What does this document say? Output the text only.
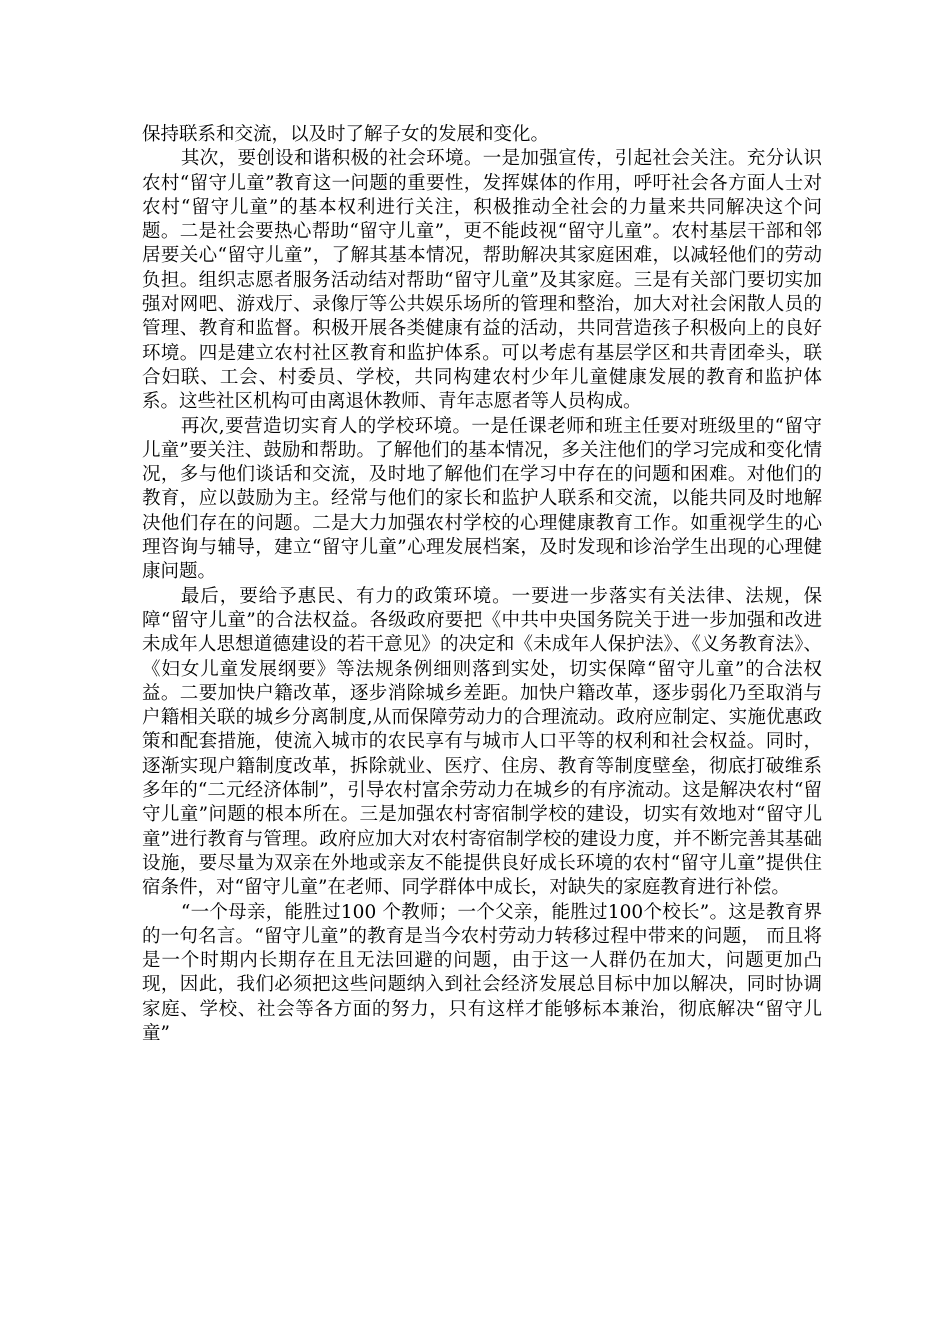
保持联系和交流，以及时了解子女的发展和变化。

其次，要创设和谐积极的社会环境。一是加强宣传，引起社会关注。充分认识农村“留守儿童”教育这一问题的重要性，发挥媒体的作用，呼吁社会各方面人士对农村“留守儿童”的基本权利进行关注，积极推动全社会的力量来共同解决这个问题。二是社会要热心帮助“留守儿童”，更不能歧视“留守儿童”。农村基层干部和邻居要关心“留守儿童”，了解其基本情况，帮助解决其家庭困难，以减轻他们的劳动负担。组织志愿者服务活动结对帮助“留守儿童”及其家庭。三是有关部门要切实加强对网吧、游戏厅、录像厅等公共娱乐场所的管理和整治，加大对社会闲散人员的管理、教育和监督。积极开展各类健康有益的活动，共同营造孩子积极向上的良好环境。四是建立农村社区教育和监护体系。可以考虑有基层学区和共青团牵头，联合妇联、工会、村委员、学校，共同构建农村少年儿童健康发展的教育和监护体系。这些社区机构可由离退休教师、青年志愿者等人员构成。

再次,要营造切实育人的学校环境。一是任课老师和班主任要对班级里的“留守儿童”要关注、鼓励和帮助。了解他们的基本情况，多关注他们的学习完成和变化情况，多与他们谈话和交流，及时地了解他们在学习中存在的问题和困难。对他们的教育，应以鼓励为主。经常与他们的家长和监护人联系和交流，以能共同及时地解决他们存在的问题。二是大力加强农村学校的心理健康教育工作。如重视学生的心理咨询与辅导，建立“留守儿童”心理发展档案，及时发现和诊治学生出现的心理健康问题。

最后，要给予惠民、有力的政策环境。一要进一步落实有关法律、法规，保障“留守儿童”的合法权益。各级政府要把《中共中央国务院关于进一步加强和改进未成年人思想道德建设的若干意见》的决定和《未成年人保护法》、《义务教育法》、《妇女儿童发展纲要》等法规条例细则落到实处，切实保障“留守儿童”的合法权益。二要加快户籍改革，逐步消除城乡差距。加快户籍改革，逐步弱化乃至取消与户籍相关联的城乡分离制度,从而保障劳动力的合理流动。政府应制定、实施优惠政策和配套措施，使流入城市的农民享有与城市人口平等的权利和社会权益。同时，逐渐实现户籍制度改革，拆除就业、医疗、住房、教育等制度壁垒，彻底打破维系多年的“二元经济体制”，引导农村富余劳动力在城乡的有序流动。这是解决农村“留守儿童”问题的根本所在。三是加强农村寄宿制学校的建设，切实有效地对“留守儿童”进行教育与管理。政府应加大对农村寄宿制学校的建设力度，并不断完善其基础设施，要尽量为双亲在外地或亲友不能提供良好成长环境的农村“留守儿童”提供住宿条件，对“留守儿童”在老师、同学群体中成长，对缺失的家庭教育进行补偿。

“一个母亲，能胜过100 个教师；一个父亲，能胜过100个校长”。这是教育界的一句名言。“留守儿童”的教育是当今农村劳动力转移过程中带来的问题， 而且将是一个时期内长期存在且无法回避的问题，由于这一人群仍在加大，问题更加凸现，因此，我们必须把这些问题纳入到社会经济发展总目标中加以解决，同时协调家庭、学校、社会等各方面的努力，只有这样才能够标本兼治，彻底解决“留守儿童”
